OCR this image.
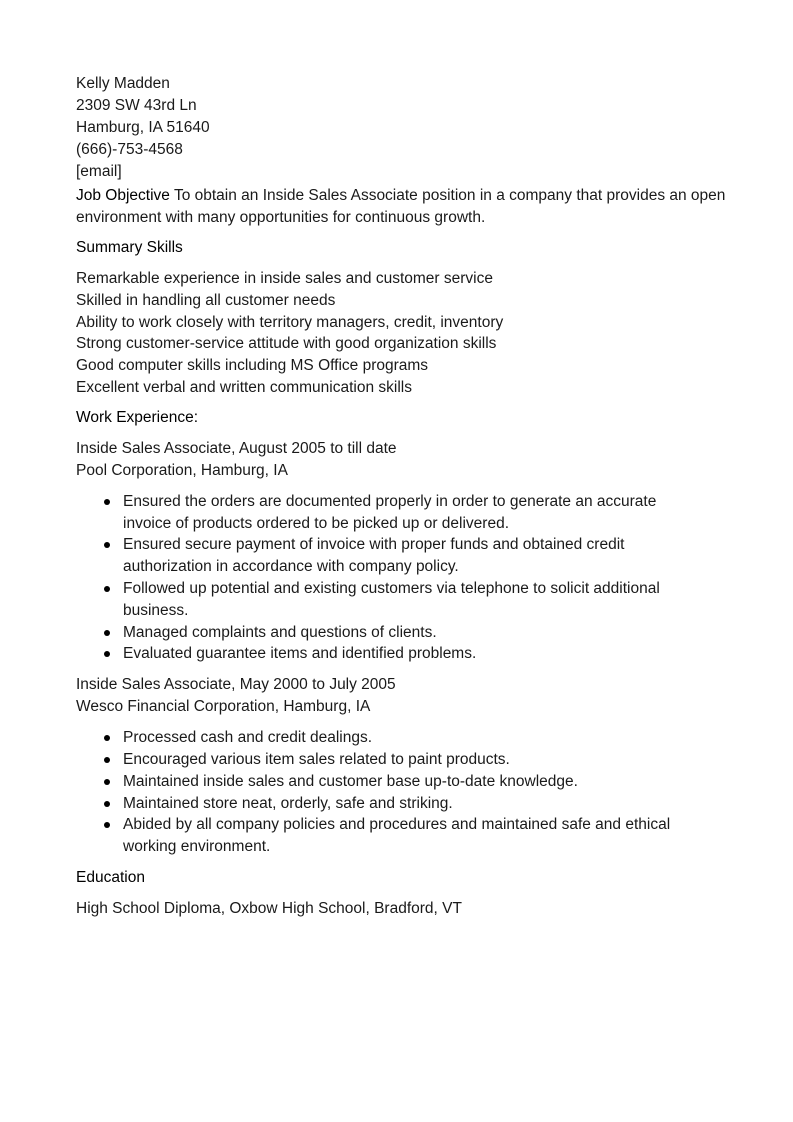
Kelly Madden
2309 SW 43rd Ln
Hamburg, IA 51640
(666)-753-4568
[email]
Job Objective To obtain an Inside Sales Associate position in a company that provides an open environment with many opportunities for continuous growth.
Summary Skills
Remarkable experience in inside sales and customer service
Skilled in handling all customer needs
Ability to work closely with territory managers, credit, inventory
Strong customer-service attitude with good organization skills
Good computer skills including MS Office programs
Excellent verbal and written communication skills
Work Experience:
Inside Sales Associate, August 2005 to till date
Pool Corporation, Hamburg, IA
Ensured the orders are documented properly in order to generate an accurate invoice of products ordered to be picked up or delivered.
Ensured secure payment of invoice with proper funds and obtained credit authorization in accordance with company policy.
Followed up potential and existing customers via telephone to solicit additional business.
Managed complaints and questions of clients.
Evaluated guarantee items and identified problems.
Inside Sales Associate, May 2000 to July 2005
Wesco Financial Corporation, Hamburg, IA
Processed cash and credit dealings.
Encouraged various item sales related to paint products.
Maintained inside sales and customer base up-to-date knowledge.
Maintained store neat, orderly, safe and striking.
Abided by all company policies and procedures and maintained safe and ethical working environment.
Education
High School Diploma, Oxbow High School, Bradford, VT
